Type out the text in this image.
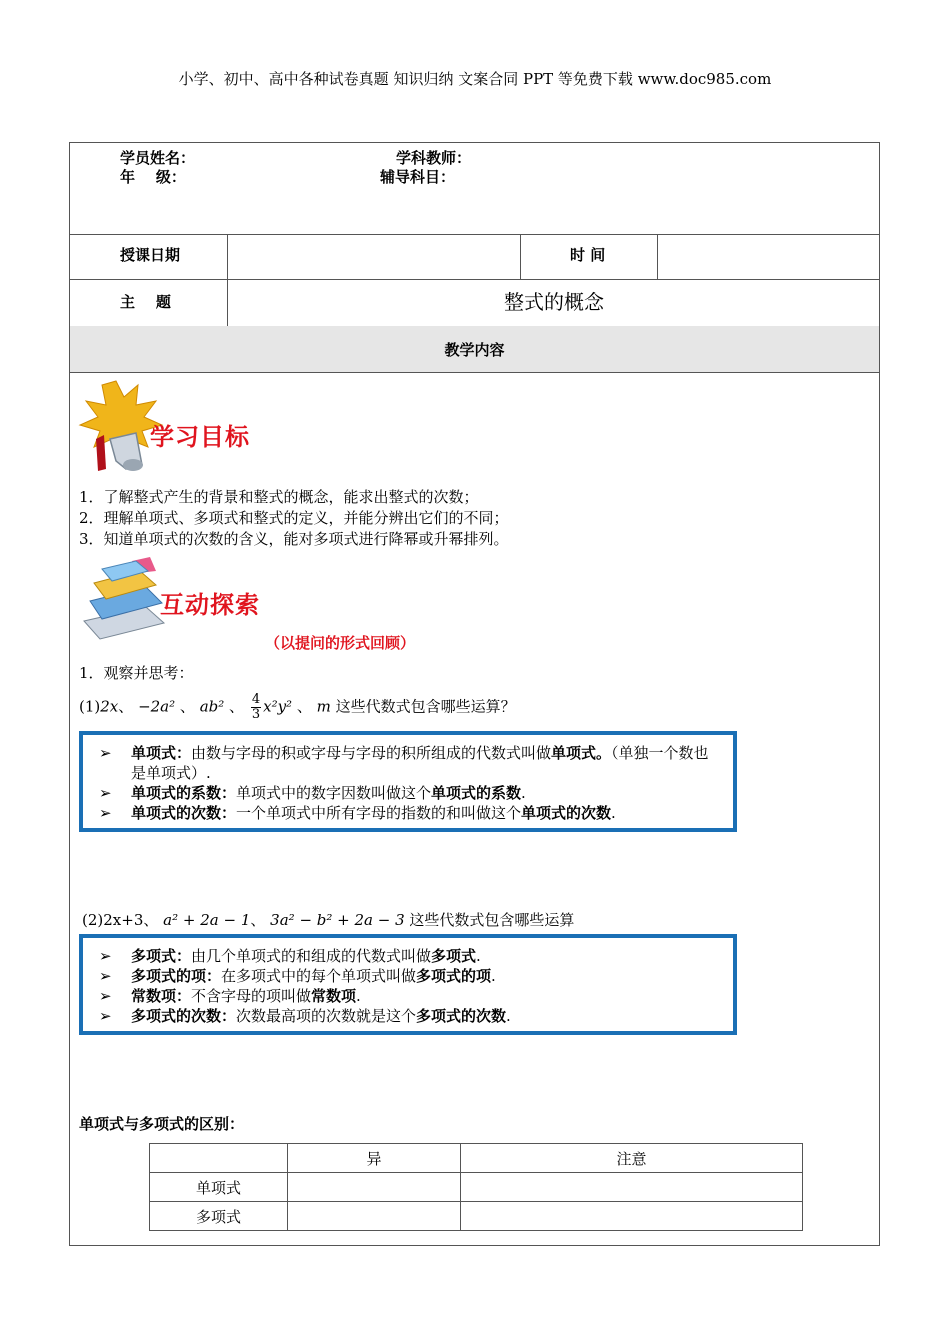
小学、初中、高中各种试卷真题 知识归纳 文案合同 PPT 等免费下载 www.doc985.com
学员姓名：	学科教师：
年    级：	辅导科目：
授课日期	时 间
主    题	整式的概念
教学内容
学习目标
1．了解整式产生的背景和整式的概念，能求出整式的次数；
2．理解单项式、多项式和整式的定义，并能分辨出它们的不同；
3．知道单项式的次数的含义，能对多项式进行降幂或升幂排列。
互动探索
（以提问的形式回顾）
1．观察并思考：
(1)2x、 −2a² 、 ab² 、 $\frac{4}{3} x^2y^2$ 、 m 这些代数式包含哪些运算？
➢ 单项式：由数与字母的积或字母与字母的积所组成的代数式叫做单项式。（单独一个数也是单项式）.
➢ 单项式的系数：单项式中的数字因数叫做这个单项式的系数.
➢ 单项式的次数：一个单项式中所有字母的指数的和叫做这个单项式的次数.
(2)2x+3、 a² + 2a − 1、 3a² − b² + 2a − 3 这些代数式包含哪些运算
➢ 多项式：由几个单项式的和组成的代数式叫做多项式.
➢ 多项式的项：在多项式中的每个单项式叫做多项式的项.
➢ 常数项：不含字母的项叫做常数项.
➢ 多项式的次数：次数最高项的次数就是这个多项式的次数.
单项式与多项式的区别：
	异	注意
单项式		
多项式		
